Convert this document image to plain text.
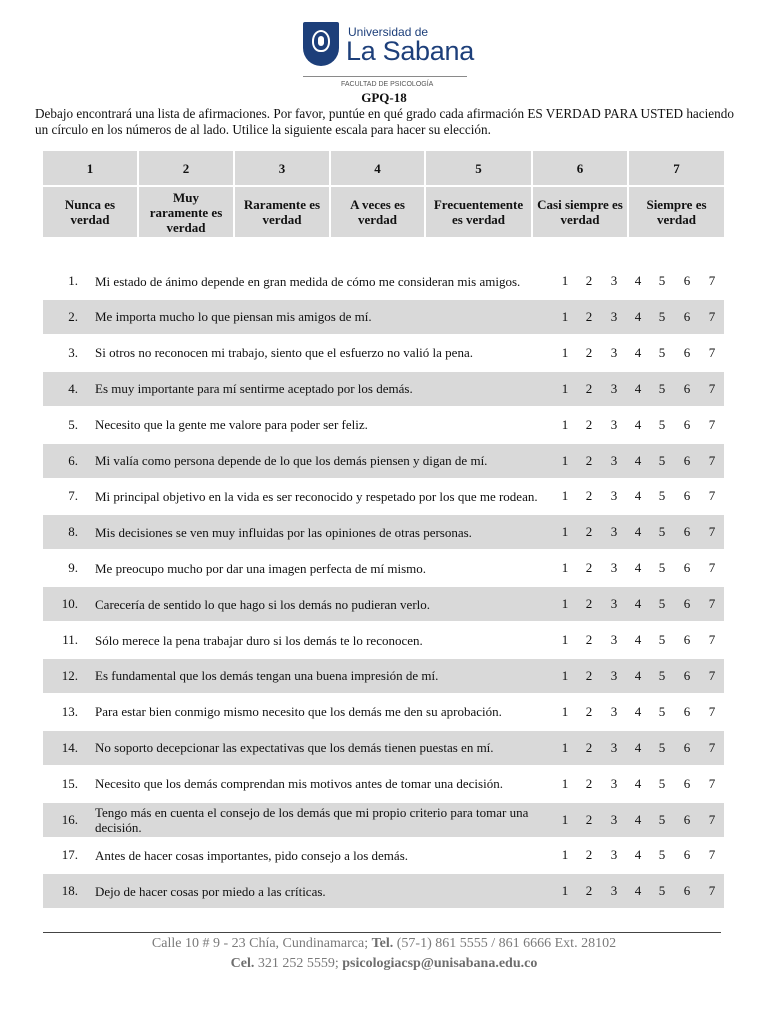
Universidad de
La Sabana
FACULTAD DE PSICOLOGÍA
GPQ-18
Debajo encontrará una lista de afirmaciones. Por favor, puntúe en qué grado cada afirmación ES VERDAD PARA USTED haciendo un círculo en los números de al lado. Utilice la siguiente escala para hacer su elección.
1
Nunca es verdad
2
Muy raramente es verdad
3
Raramente es verdad
4
A veces es verdad
5
Frecuentemente es verdad
6
Casi siempre es verdad
7
Siempre es verdad
1. Mi estado de ánimo depende en gran medida de cómo me consideran mis amigos.	1 2 3 4 5 6 7
2. Me importa mucho lo que piensan mis amigos de mí.	1 2 3 4 5 6 7
3. Si otros no reconocen mi trabajo, siento que el esfuerzo no valió la pena.	1 2 3 4 5 6 7
4. Es muy importante para mí sentirme aceptado por los demás.	1 2 3 4 5 6 7
5. Necesito que la gente me valore para poder ser feliz.	1 2 3 4 5 6 7
6. Mi valía como persona depende de lo que los demás piensen y digan de mí.	1 2 3 4 5 6 7
7. Mi principal objetivo en la vida es ser reconocido y respetado por los que me rodean.	1 2 3 4 5 6 7
8. Mis decisiones se ven muy influidas por las opiniones de otras personas.	1 2 3 4 5 6 7
9. Me preocupo mucho por dar una imagen perfecta de mí mismo.	1 2 3 4 5 6 7
10. Carecería de sentido lo que hago si los demás no pudieran verlo.	1 2 3 4 5 6 7
11. Sólo merece la pena trabajar duro si los demás te lo reconocen.	1 2 3 4 5 6 7
12. Es fundamental que los demás tengan una buena impresión de mí.	1 2 3 4 5 6 7
13. Para estar bien conmigo mismo necesito que los demás me den su aprobación.	1 2 3 4 5 6 7
14. No soporto decepcionar las expectativas que los demás tienen puestas en mí.	1 2 3 4 5 6 7
15. Necesito que los demás comprendan mis motivos antes de tomar una decisión.	1 2 3 4 5 6 7
16. Tengo más en cuenta el consejo de los demás que mi propio criterio para tomar una decisión.
1 2 3 4 5 6 7
17. Antes de hacer cosas importantes, pido consejo a los demás.	1 2 3 4 5 6 7
18. Dejo de hacer cosas por miedo a las críticas.	1 2 3 4 5 6 7
Calle 10 # 9 - 23 Chía, Cundinamarca; Tel. (57-1) 861 5555 / 861 6666 Ext. 28102
Cel. 321 252 5559; psicologiacsp@unisabana.edu.co
